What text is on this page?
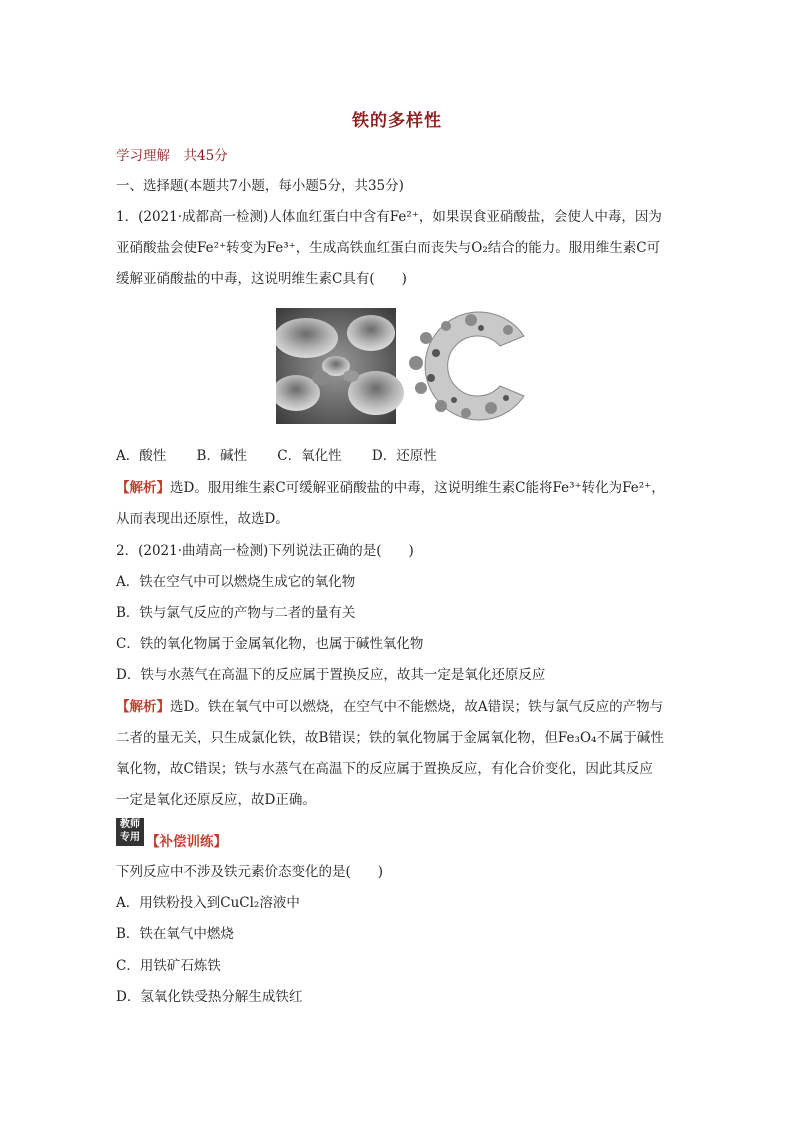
铁的多样性
学习理解　共45分
一、选择题(本题共7小题，每小题5分，共35分)
1．(2021·成都高一检测)人体血红蛋白中含有Fe²⁺，如果误食亚硝酸盐，会使人中毒，因为
亚硝酸盐会使Fe²⁺转变为Fe³⁺，生成高铁血红蛋白而丧失与O₂结合的能力。服用维生素C可
缓解亚硝酸盐的中毒，这说明维生素C具有(　　)
A．酸性 B．碱性 C．氧化性 D．还原性
【解析】选D。服用维生素C可缓解亚硝酸盐的中毒，这说明维生素C能将Fe³⁺转化为Fe²⁺，
从而表现出还原性，故选D。
2．(2021·曲靖高一检测)下列说法正确的是(　　)
A．铁在空气中可以燃烧生成它的氧化物
B．铁与氯气反应的产物与二者的量有关
C．铁的氧化物属于金属氧化物，也属于碱性氧化物
D．铁与水蒸气在高温下的反应属于置换反应，故其一定是氧化还原反应
【解析】选D。铁在氧气中可以燃烧，在空气中不能燃烧，故A错误；铁与氯气反应的产物与
二者的量无关，只生成氯化铁，故B错误；铁的氧化物属于金属氧化物，但Fe₃O₄不属于碱性
氧化物，故C错误；铁与水蒸气在高温下的反应属于置换反应，有化合价变化，因此其反应
一定是氧化还原反应，故D正确。
教师
专用 【补偿训练】
下列反应中不涉及铁元素价态变化的是(　　)
A．用铁粉投入到CuCl₂溶液中
B．铁在氧气中燃烧
C．用铁矿石炼铁
D．氢氧化铁受热分解生成铁红
